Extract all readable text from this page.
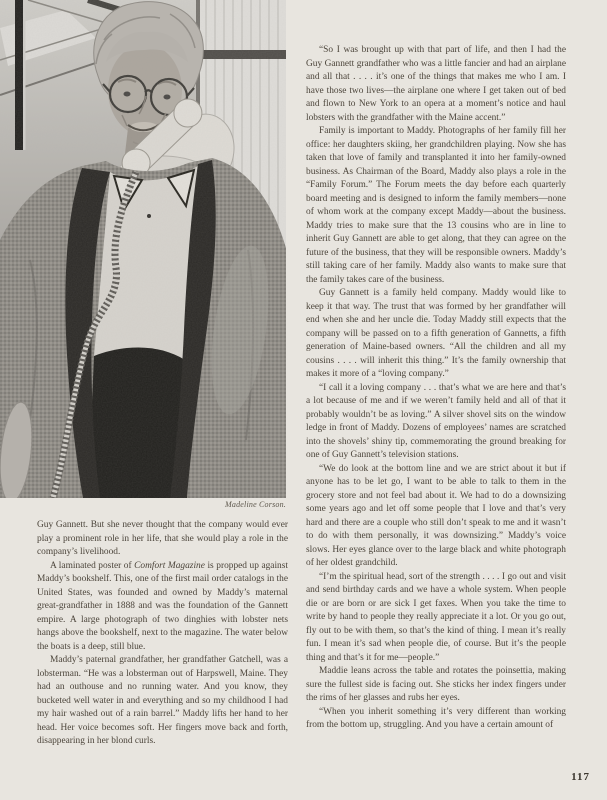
Madeline Corson.

Guy Gannett. But she never thought that the company would ever play a prominent role in her life, that she would play a role in the company’s livelihood.

A laminated poster of Comfort Magazine is propped up against Maddy’s bookshelf. This, one of the first mail order catalogs in the United States, was founded and owned by Maddy’s maternal great-grandfather in 1888 and was the foundation of the Gannett empire. A large photograph of two dinghies with lobster nets hangs above the bookshelf, next to the magazine. The water below the boats is a deep, still blue.

Maddy’s paternal grandfather, her grandfather Gatchell, was a lobsterman. “He was a lobsterman out of Harpswell, Maine. They had an outhouse and no running water. And you know, they bucketed well water in and everything and so my childhood I had my hair washed out of a rain barrel.” Maddy lifts her hand to her head. Her voice becomes soft. Her fingers move back and forth, disappearing in her blond curls.

“So I was brought up with that part of life, and then I had the Guy Gannett grandfather who was a little fancier and had an airplane and all that . . . . it’s one of the things that makes me who I am. I have those two lives—the airplane one where I get taken out of bed and flown to New York to an opera at a moment’s notice and haul lobsters with the grandfather with the Maine accent.”

Family is important to Maddy. Photographs of her family fill her office: her daughters skiing, her grandchildren playing. Now she has taken that love of family and transplanted it into her family-owned business. As Chairman of the Board, Maddy also plays a role in the “Family Forum.” The Forum meets the day before each quarterly board meeting and is designed to inform the family members—none of whom work at the company except Maddy—about the business. Maddy tries to make sure that the 13 cousins who are in line to inherit Guy Gannett are able to get along, that they can agree on the future of the business, that they will be responsible owners. Maddy’s still taking care of her family. Maddy also wants to make sure that the family takes care of the business.

Guy Gannett is a family held company. Maddy would like to keep it that way. The trust that was formed by her grandfather will end when she and her uncle die. Today Maddy still expects that the company will be passed on to a fifth generation of Gannetts, a fifth generation of Maine-based owners. “All the children and all my cousins . . . . will inherit this thing.” It’s the family ownership that makes it more of a “loving company.”

“I call it a loving company . . . that’s what we are here and that’s a lot because of me and if we weren’t family held and all of that it probably wouldn’t be as loving.” A silver shovel sits on the window ledge in front of Maddy. Dozens of employees’ names are scratched into the shovels’ shiny tip, commemorating the ground breaking for one of Guy Gannett’s television stations.

“We do look at the bottom line and we are strict about it but if anyone has to be let go, I want to be able to talk to them in the grocery store and not feel bad about it. We had to do a downsizing some years ago and let off some people that I love and that’s very hard and there are a couple who still don’t speak to me and it wasn’t to do with them personally, it was downsizing.” Maddy’s voice slows. Her eyes glance over to the large black and white photograph of her oldest grandchild.

“I’m the spiritual head, sort of the strength . . . . I go out and visit and send birthday cards and we have a whole system. When people die or are born or are sick I get faxes. When you take the time to write by hand to people they really appreciate it a lot. Or you go out, fly out to be with them, so that’s the kind of thing. I mean it’s really fun. I mean it’s sad when people die, of course. But it’s the people thing and that’s it for me—people.”

Maddie leans across the table and rotates the poinsettia, making sure the fullest side is facing out. She sticks her index fingers under the rims of her glasses and rubs her eyes.

“When you inherit something it’s very different than working from the bottom up, struggling. And you have a certain amount of

117
